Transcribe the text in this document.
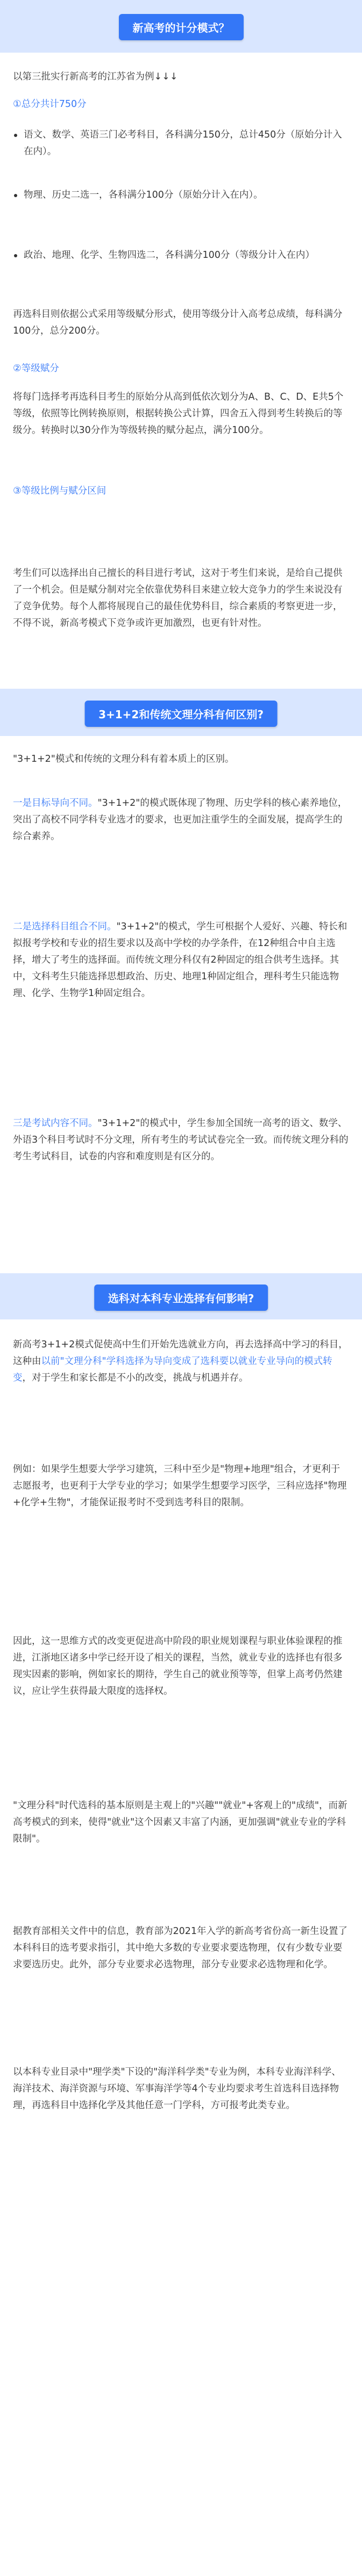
新高考的计分模式？
以第三批实行新高考的江苏省为例↓↓↓
①总分共计750分
语文、数学、英语三门必考科目，各科满分150分，总计450分（原始分计入在内）。
物理、历史二选一，各科满分100分（原始分计入在内）。
政治、地理、化学、生物四选二，各科满分100分（等级分计入在内）
再选科目则依据公式采用等级赋分形式，使用等级分计入高考总成绩，每科满分100分，总分200分。
②等级赋分
将每门选择考再选科目考生的原始分从高到低依次划分为A、B、C、D、E共5个等级，依照等比例转换原则，根据转换公式计算，四舍五入得到考生转换后的等级分。转换时以30分作为等级转换的赋分起点，满分100分。
③等级比例与赋分区间
考生们可以选择出自己擅长的科目进行考试，这对于考生们来说，是给自己提供了一个机会。但是赋分制对完全依靠优势科目来建立较大竞争力的学生来说没有了竞争优势。每个人都将展现自己的最佳优势科目，综合素质的考察更进一步，不得不说，新高考模式下竞争或许更加激烈，也更有针对性。
3+1+2和传统文理分科有何区别?
"3+1+2"模式和传统的文理分科有着本质上的区别。
一是目标导向不同。"3+1+2"的模式既体现了物理、历史学科的核心素养地位，突出了高校不同学科专业选才的要求，也更加注重学生的全面发展，提高学生的综合素养。
二是选择科目组合不同。"3+1+2"的模式，学生可根据个人爱好、兴趣、特长和拟报考学校和专业的招生要求以及高中学校的办学条件，在12种组合中自主选择，增大了考生的选择面。而传统文理分科仅有2种固定的组合供考生选择。其中，文科考生只能选择思想政治、历史、地理1种固定组合，理科考生只能选物理、化学、生物学1种固定组合。
三是考试内容不同。"3+1+2"的模式中，学生参加全国统一高考的语文、数学、外语3个科目考试时不分文理，所有考生的考试试卷完全一致。而传统文理分科的考生考试科目，试卷的内容和难度则是有区分的。
选科对本科专业选择有何影响?
新高考3+1+2模式促使高中生们开始先选就业方向，再去选择高中学习的科目，这种由以前"文理分科"学科选择为导向变成了选科要以就业专业导向的模式转变，对于学生和家长都是不小的改变，挑战与机遇并存。
例如：如果学生想要大学学习建筑，三科中至少是"物理+地理"组合，才更利于志愿报考，也更利于大学专业的学习；如果学生想要学习医学，三科应选择"物理+化学+生物"，才能保证报考时不受到选考科目的限制。
因此，这一思维方式的改变更促进高中阶段的职业规划课程与职业体验课程的推进，江浙地区诸多中学已经开设了相关的课程，当然，就业专业的选择也有很多现实因素的影响，例如家长的期待，学生自己的就业预等等，但掌上高考仍然建议，应让学生获得最大限度的选择权。
"文理分科"时代选科的基本原则是主观上的"兴趣""就业"+客观上的"成绩"，而新高考模式的到来，使得"就业"这个因素又丰富了内涵，更加强调"就业专业的学科限制"。
据教育部相关文件中的信息，教育部为2021年入学的新高考省份高一新生设置了本科科目的选考要求指引，其中绝大多数的专业要求要选物理，仅有少数专业要求要选历史。此外，部分专业要求必选物理，部分专业要求必选物理和化学。
以本科专业目录中"理学类"下设的"海洋科学类"专业为例，本科专业海洋科学、海洋技术、海洋资源与环境、军事海洋学等4个专业均要求考生首选科目选择物理，再选科目中选择化学及其他任意一门学科，方可报考此类专业。
